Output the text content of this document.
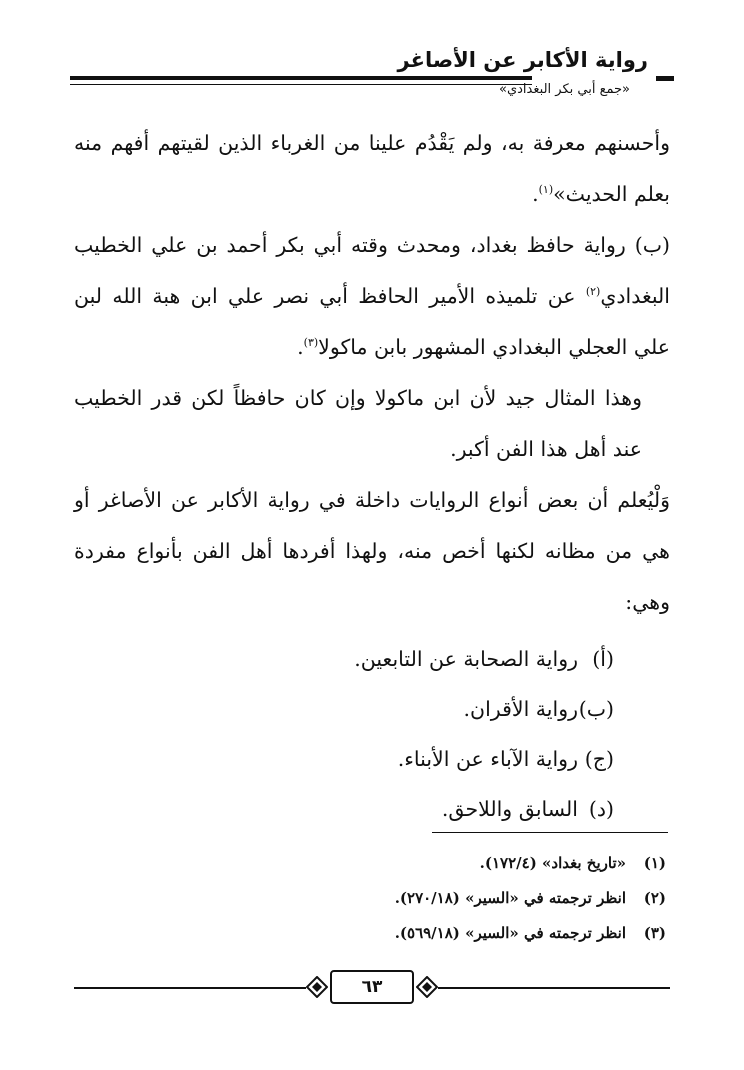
رواية الأكابر عن الأصاغر
«جمع أبي بكر البغدادي»

وأحسنهم معرفة به، ولم يَقْدُم علينا من الغرباء الذين لقيتهم أفهم منه بعلم الحديث»$^{(١)}$.

(ب) رواية حافظ بغداد، ومحدث وقته أبي بكر أحمد بن علي الخطيب البغدادي$^{(٢)}$ عن تلميذه الأمير الحافظ أبي نصر علي ابن هبة الله لبن علي العجلي البغدادي المشهور بابن ماكولا$^{(٣)}$.

وهذا المثال جيد لأن ابن ماكولا وإن كان حافظاً لكن قدر الخطيب عند أهل هذا الفن أكبر.

وَلْيُعلم أن بعض أنواع الروايات داخلة في رواية الأكابر عن الأصاغر أو هي من مظانه لكنها أخص منه، ولهذا أفردها أهل الفن بأنواع مفردة وهي:

(أ)رواية الصحابة عن التابعين.
(ب)رواية الأقران.
(ج)رواية الآباء عن الأبناء.
(د)السابق واللاحق.
(١)«تاريخ بغداد» (١٧٢/٤).
(٢)انظر ترجمته في «السير» (٢٧٠/١٨).
(٣)انظر ترجمته في «السير» (٥٦٩/١٨).
٦٣
